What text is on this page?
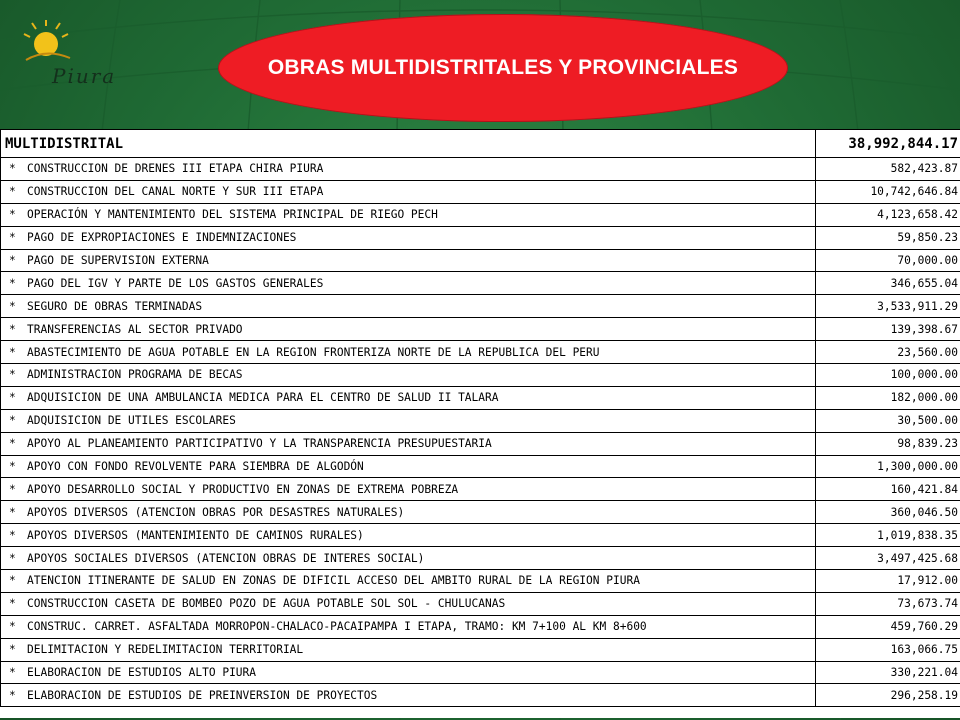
Piura	OBRAS MULTIDISTRITALES Y PROVINCIALES
MULTIDISTRITAL	38,992,844.17
* CONSTRUCCION DE DRENES III ETAPA CHIRA PIURA	582,423.87
* CONSTRUCCION DEL CANAL NORTE Y SUR III ETAPA	10,742,646.84
* OPERACIÓN Y MANTENIMIENTO DEL SISTEMA PRINCIPAL DE RIEGO PECH	4,123,658.42
* PAGO DE EXPROPIACIONES E INDEMNIZACIONES	59,850.23
* PAGO DE SUPERVISION EXTERNA	70,000.00
* PAGO DEL IGV Y PARTE DE LOS GASTOS GENERALES	346,655.04
* SEGURO DE OBRAS TERMINADAS	3,533,911.29
* TRANSFERENCIAS AL SECTOR PRIVADO	139,398.67
* ABASTECIMIENTO DE AGUA POTABLE EN LA REGION FRONTERIZA NORTE DE LA REPUBLICA DEL PERU	23,560.00
* ADMINISTRACION PROGRAMA DE BECAS	100,000.00
* ADQUISICION DE UNA AMBULANCIA MEDICA PARA EL CENTRO DE SALUD II TALARA	182,000.00
* ADQUISICION DE UTILES ESCOLARES	30,500.00
* APOYO AL PLANEAMIENTO PARTICIPATIVO Y LA TRANSPARENCIA PRESUPUESTARIA	98,839.23
* APOYO CON FONDO REVOLVENTE PARA SIEMBRA DE ALGODÓN	1,300,000.00
* APOYO DESARROLLO SOCIAL Y PRODUCTIVO EN ZONAS DE EXTREMA POBREZA	160,421.84
* APOYOS DIVERSOS (ATENCION OBRAS POR DESASTRES NATURALES)	360,046.50
* APOYOS DIVERSOS (MANTENIMIENTO DE CAMINOS RURALES)	1,019,838.35
* APOYOS SOCIALES DIVERSOS (ATENCION OBRAS DE INTERES SOCIAL)	3,497,425.68
* ATENCION ITINERANTE DE SALUD EN ZONAS DE DIFICIL ACCESO DEL AMBITO RURAL DE LA REGION PIURA	17,912.00
* CONSTRUCCION CASETA DE BOMBEO POZO DE AGUA POTABLE SOL SOL - CHULUCANAS	73,673.74
* CONSTRUC. CARRET. ASFALTADA MORROPON-CHALACO-PACAIPAMPA I ETAPA, TRAMO: KM 7+100 AL KM 8+600	459,760.29
* DELIMITACION Y REDELIMITACION TERRITORIAL	163,066.75
* ELABORACION DE ESTUDIOS ALTO PIURA	330,221.04
* ELABORACION DE ESTUDIOS DE PREINVERSION DE PROYECTOS	296,258.19
